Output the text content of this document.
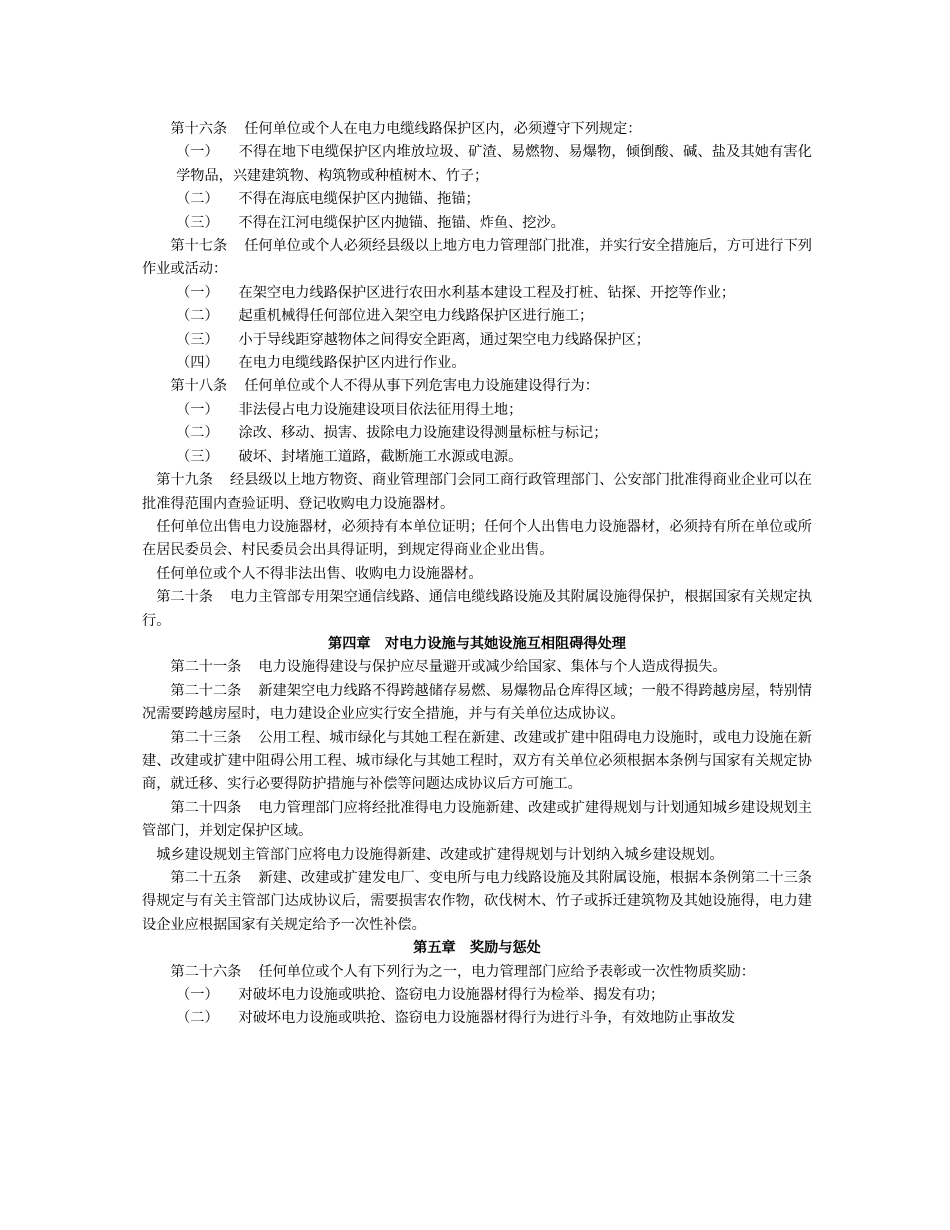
第十六条 任何单位或个人在电力电缆线路保护区内，必须遵守下列规定：

（一） 不得在地下电缆保护区内堆放垃圾、矿渣、易燃物、易爆物，倾倒酸、碱、盐及其她有害化学物品，兴建建筑物、构筑物或种植树木、竹子；

（二） 不得在海底电缆保护区内抛锚、拖锚；

（三） 不得在江河电缆保护区内抛锚、拖锚、炸鱼、挖沙。

第十七条 任何单位或个人必须经县级以上地方电力管理部门批准，并实行安全措施后，方可进行下列作业或活动：

（一） 在架空电力线路保护区进行农田水利基本建设工程及打桩、钻探、开挖等作业；

（二） 起重机械得任何部位进入架空电力线路保护区进行施工；

（三） 小于导线距穿越物体之间得安全距离，通过架空电力线路保护区；

（四） 在电力电缆线路保护区内进行作业。

第十八条 任何单位或个人不得从事下列危害电力设施建设得行为：

（一） 非法侵占电力设施建设项目依法征用得土地；

（二） 涂改、移动、损害、拔除电力设施建设得测量标桩与标记；

（三） 破坏、封堵施工道路，截断施工水源或电源。

第十九条 经县级以上地方物资、商业管理部门会同工商行政管理部门、公安部门批准得商业企业可以在批准得范围内查验证明、登记收购电力设施器材。

任何单位出售电力设施器材，必须持有本单位证明；任何个人出售电力设施器材，必须持有所在单位或所在居民委员会、村民委员会出具得证明，到规定得商业企业出售。

任何单位或个人不得非法出售、收购电力设施器材。

第二十条 电力主管部专用架空通信线路、通信电缆线路设施及其附属设施得保护，根据国家有关规定执行。

第四章　对电力设施与其她设施互相阻碍得处理

第二十一条 电力设施得建设与保护应尽量避开或减少给国家、集体与个人造成得损失。

第二十二条 新建架空电力线路不得跨越储存易燃、易爆物品仓库得区域；一般不得跨越房屋，特别情况需要跨越房屋时，电力建设企业应实行安全措施，并与有关单位达成协议。

第二十三条 公用工程、城市绿化与其她工程在新建、改建或扩建中阻碍电力设施时，或电力设施在新建、改建或扩建中阻碍公用工程、城市绿化与其她工程时，双方有关单位必须根据本条例与国家有关规定协商，就迁移、实行必要得防护措施与补偿等问题达成协议后方可施工。

第二十四条 电力管理部门应将经批准得电力设施新建、改建或扩建得规划与计划通知城乡建设规划主管部门，并划定保护区域。

城乡建设规划主管部门应将电力设施得新建、改建或扩建得规划与计划纳入城乡建设规划。

第二十五条 新建、改建或扩建发电厂、变电所与电力线路设施及其附属设施，根据本条例第二十三条得规定与有关主管部门达成协议后，需要损害农作物，砍伐树木、竹子或拆迁建筑物及其她设施得，电力建设企业应根据国家有关规定给予一次性补偿。

第五章　奖励与惩处

第二十六条 任何单位或个人有下列行为之一，电力管理部门应给予表彰或一次性物质奖励：

（一） 对破坏电力设施或哄抢、盗窃电力设施器材得行为检举、揭发有功；

（二） 对破坏电力设施或哄抢、盗窃电力设施器材得行为进行斗争，有效地防止事故发
